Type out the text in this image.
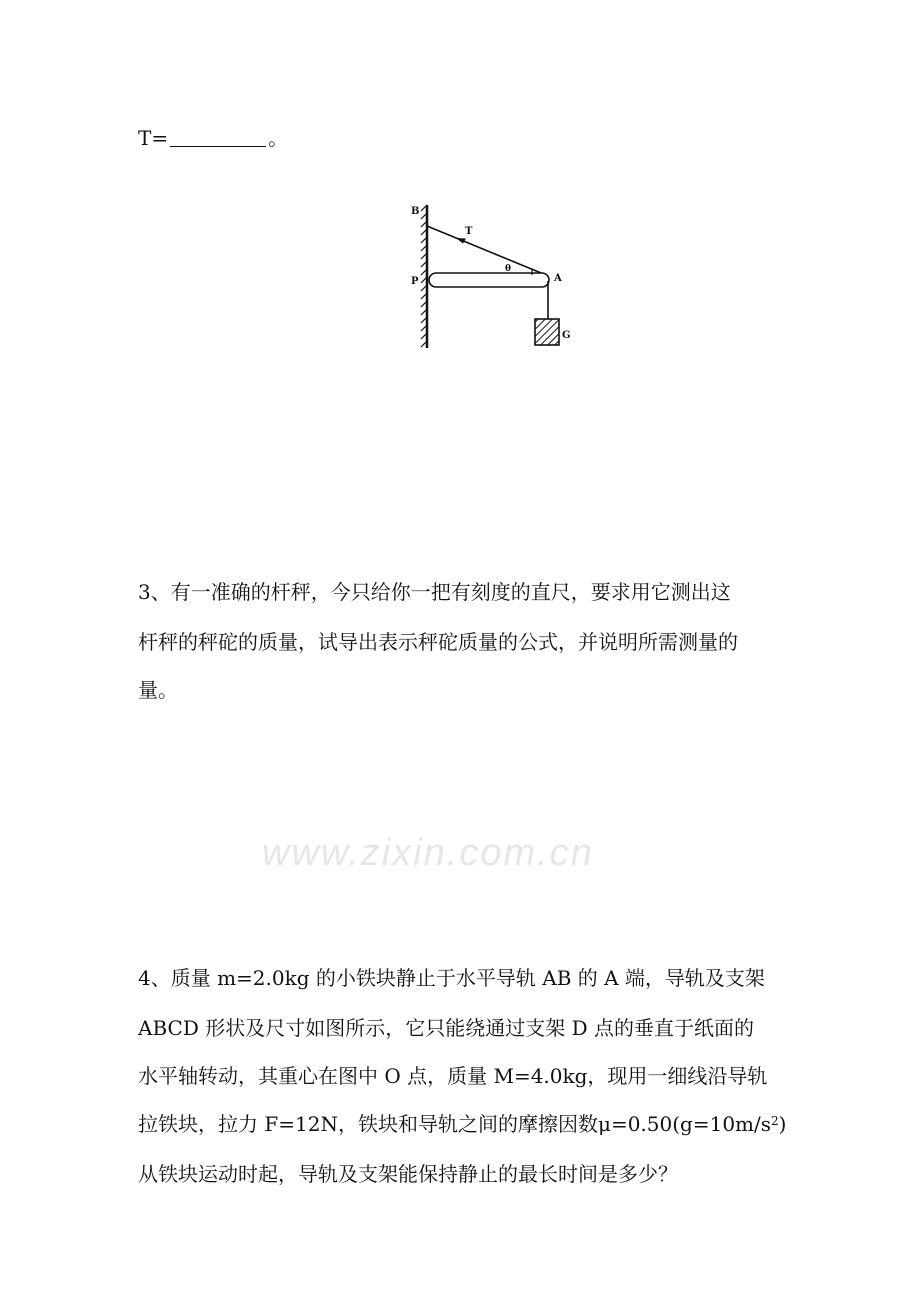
www.zixin.com.cn
T=	。
B
T
θ
A
P
G
3、有一准确的杆秤，今只给你一把有刻度的直尺，要求用它测出这
杆秤的秤砣的质量，试导出表示秤砣质量的公式，并说明所需测量的
量。
4、质量 m=2.0kg 的小铁块静止于水平导轨 AB 的 A 端，导轨及支架
ABCD 形状及尺寸如图所示，它只能绕通过支架 D 点的垂直于纸面的
水平轴转动，其重心在图中 O 点，质量 M=4.0kg，现用一细线沿导轨
拉铁块，拉力 F=12N，铁块和导轨之间的摩擦因数$\mu=0.50(g=10m/s^2)$
从铁块运动时起，导轨及支架能保持静止的最长时间是多少？
